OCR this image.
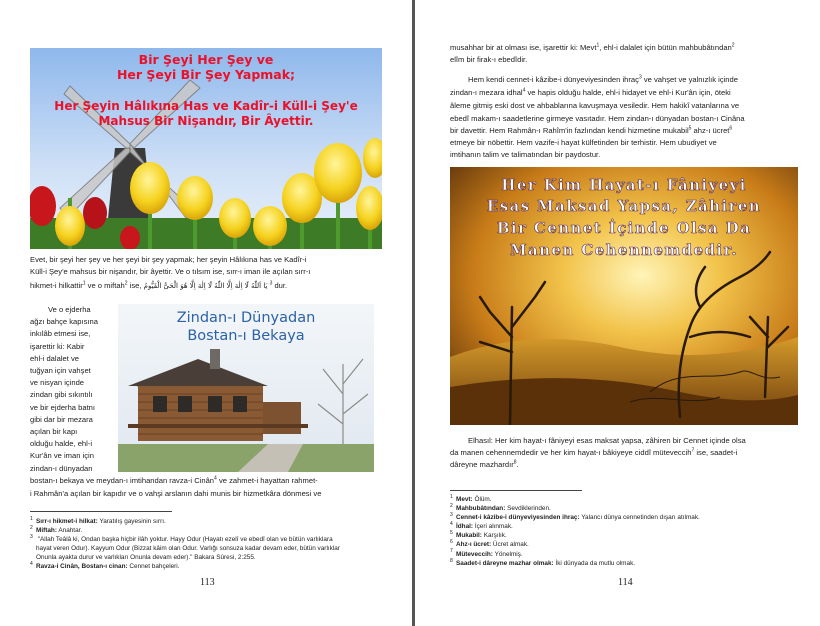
Bir Şeyi Her Şey ve
Her Şeyi Bir Şey Yapmak;
Her Şeyin Hâlıkına Has ve Kadîr-i Küll-i Şey'e
Mahsus Bir Nişandır, Bir Âyettir.

Evet, bir şeyi her şey ve her şeyi bir şey yapmak; her şeyin Hâlıkına has ve Kadîr-i

Küll-i Şey'e mahsus bir nişandır, bir âyettir. Ve o tılsım ise, sırr-ı iman ile açılan sırr-ı

hikmet-i hilkattir$^1$ ve o miftah$^2$ ise, يَا اَللّٰهُ لَٓا اِلٰهَ اِلَّا اللّٰهُ لَٓا اِلٰهَ اِلَّا هُوَ الْحَىُّ الْقَيُّومُ $^3$ dur.

Zindan-ı Dünyadan
Bostan-ı Bekaya
Ve o ejderha
ağzı bahçe kapısına
inkılâb etmesi ise,
işarettir ki: Kabir
ehl-i dalalet ve
tuğyan için vahşet
ve nisyan içinde
zindan gibi sıkıntılı
ve bir ejderha batnı
gibi dar bir mezara
açılan bir kapı
olduğu halde, ehl-i
Kur'ân ve iman için
zindan-ı dünyadan

bostan-ı bekaya ve meydan-ı imtihandan ravza-i Cinân$^4$ ve zahmet-i hayattan rahmet-

i Rahmân'a açılan bir kapıdır ve o vahşi arslanın dahi munis bir hizmetkâra dönmesi ve

$^1$ Sırr-ı hikmet-i hilkat: Yaratılış gayesinin sırrı.
$^2$ Miftah: Anahtar.
$^3$ "Allah Teâlâ ki, Ondan başka hiçbir ilâh yoktur. Hayy Odur (Hayatı ezelî ve ebedî olan ve bütün varlıklara
hayat veren Odur). Kayyum Odur (Bizzat kâim olan Odur. Varlığı sonsuza kadar devam eder, bütün varlıklar
Onunla ayakta durur ve varlıkları Onunla devam eder)." Bakara Sûresi, 2:255.
$^4$ Ravza-i Cinân, Bostan-ı cinan: Cennet bahçeleri.
113

musahhar bir at olması ise, işarettir ki: Mevt$^1$, ehl-i dalalet için bütün mahbubâtından$^2$

elîm bir firak-ı ebedîdir.

Hem kendi cennet-i kâzibe-i dünyeviyesinden ihraç$^3$ ve vahşet ve yalnızlık içinde

zindan-ı mezara idhal$^4$ ve hapis olduğu halde, ehl-i hidayet ve ehl-i Kur'ân için, öteki

âleme gitmiş eski dost ve ahbablarına kavuşmaya vesiledir. Hem hakikî vatanlarına ve

ebedî makam-ı saadetlerine girmeye vasıtadır. Hem zindan-ı dünyadan bostan-ı Cinâna

bir davettir. Hem Rahmân-ı Rahîm'in fazlından kendi hizmetine mukabil$^5$ ahz-ı ücret$^6$

etmeye bir nöbettir. Hem vazife-i hayat külfetinden bir terhistir. Hem ubudiyet ve

imtihanın talim ve talimatından bir paydostur.

Her Kim Hayat-ı Fâniyeyi
Esas Maksad Yapsa, Zâhiren
Bir Cennet İçinde Olsa Da
Manen Cehennemdedir.

Elhasıl: Her kim hayat-ı fâniyeyi esas maksat yapsa, zâhiren bir Cennet içinde olsa

da manen cehennemdedir ve her kim hayat-ı bâkiyeye ciddî müteveccih$^7$ ise, saadet-i

dâreyne mazhardır$^8$.

$^1$ Mevt: Ölüm.
$^2$ Mahbubâtından: Sevdiklerinden.
$^3$ Cennet-i kâzibe-i dünyeviyesinden ihraç: Yalancı dünya cennetinden dışarı atılmak.
$^4$ İdhal: İçeri alınmak.
$^5$ Mukabil: Karşılık.
$^6$ Ahz-ı ücret: Ücret almak.
$^7$ Müteveccih: Yönelmiş.
$^8$ Saadet-i dâreyne mazhar olmak: İki dünyada da mutlu olmak.
114
